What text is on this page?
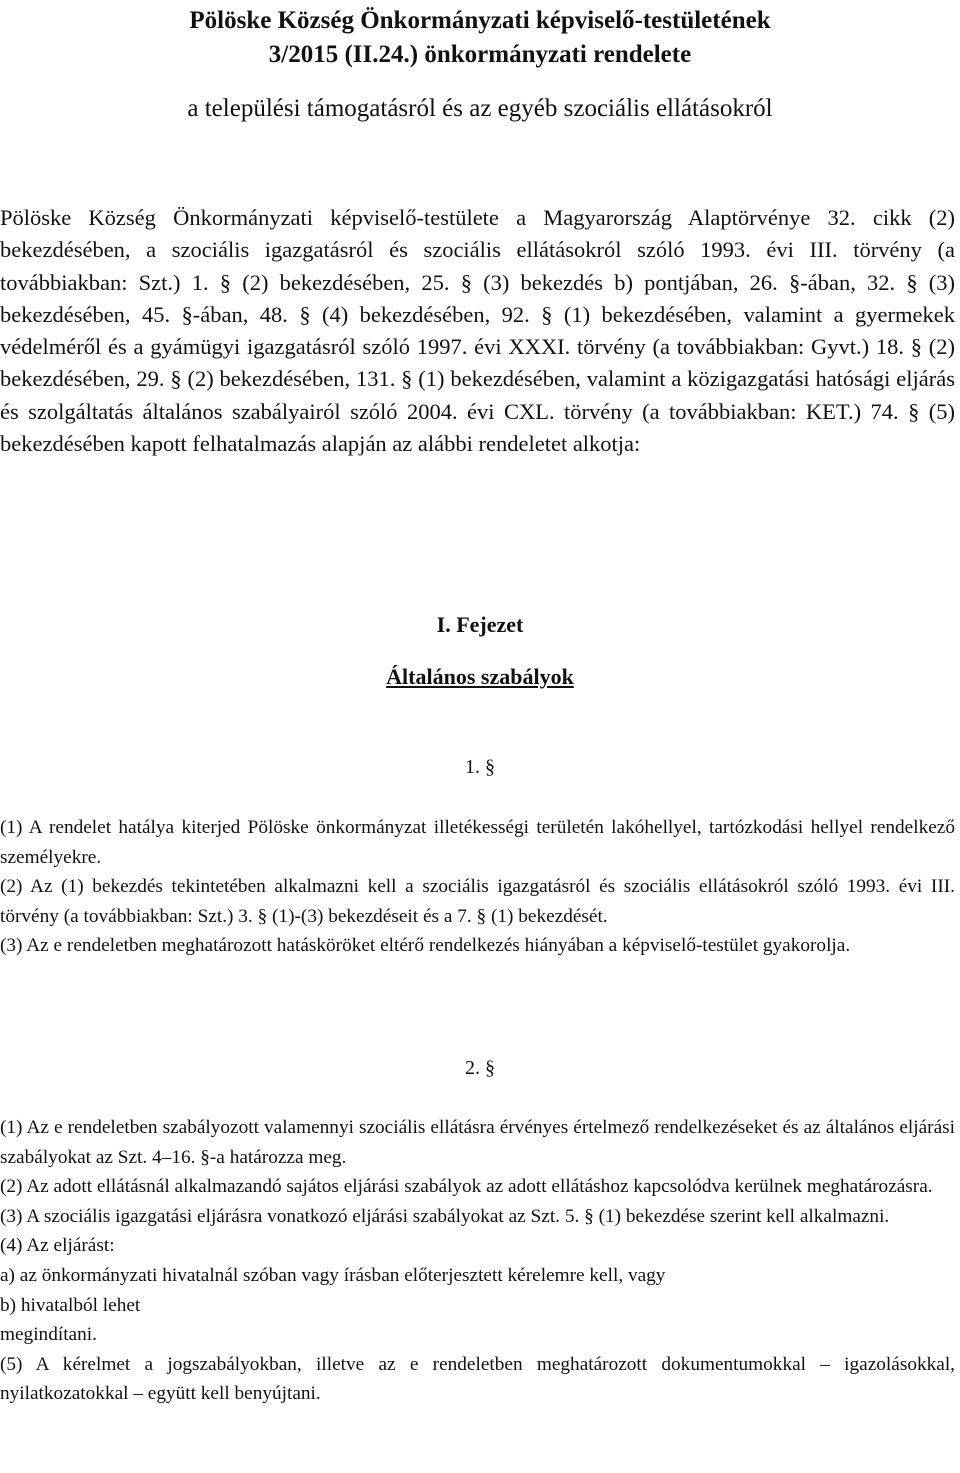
Pölöske Község Önkormányzati képviselő-testületének
3/2015 (II.24.) önkormányzati rendelete
a települési támogatásról és az egyéb szociális ellátásokról
Pölöske Község Önkormányzati képviselő-testülete a Magyarország Alaptörvénye 32. cikk (2) bekezdésében, a szociális igazgatásról és szociális ellátásokról szóló 1993. évi III. törvény (a továbbiakban: Szt.) 1. § (2) bekezdésében, 25. § (3) bekezdés b) pontjában, 26. §-ában, 32. § (3) bekezdésében, 45. §-ában, 48. § (4) bekezdésében, 92. § (1) bekezdésében, valamint a gyermekek védelméről és a gyámügyi igazgatásról szóló 1997. évi XXXI. törvény (a továbbiakban: Gyvt.) 18. § (2) bekezdésében, 29. § (2) bekezdésében, 131. § (1) bekezdésében, valamint a közigazgatási hatósági eljárás és szolgáltatás általános szabályairól szóló 2004. évi CXL. törvény (a továbbiakban: KET.) 74. § (5) bekezdésében kapott felhatalmazás alapján az alábbi rendeletet alkotja:
I. Fejezet
Általános szabályok
1. §

(1) A rendelet hatálya kiterjed Pölöske önkormányzat illetékességi területén lakóhellyel, tartózkodási hellyel rendelkező személyekre.

(2) Az (1) bekezdés tekintetében alkalmazni kell a szociális igazgatásról és szociális ellátásokról szóló 1993. évi III. törvény (a továbbiakban: Szt.) 3. § (1)-(3) bekezdéseit és a 7. § (1) bekezdését.

(3) Az e rendeletben meghatározott hatásköröket eltérő rendelkezés hiányában a képviselő-testület gyakorolja.

2. §

(1) Az e rendeletben szabályozott valamennyi szociális ellátásra érvényes értelmező rendelkezéseket és az általános eljárási szabályokat az Szt. 4–16. §-a határozza meg.

(2) Az adott ellátásnál alkalmazandó sajátos eljárási szabályok az adott ellátáshoz kapcsolódva kerülnek meghatározásra.

(3) A szociális igazgatási eljárásra vonatkozó eljárási szabályokat az Szt. 5. § (1) bekezdése szerint kell alkalmazni.

(4) Az eljárást:

a) az önkormányzati hivatalnál szóban vagy írásban előterjesztett kérelemre kell, vagy

b) hivatalból lehet

megindítani.

(5) A kérelmet a jogszabályokban, illetve az e rendeletben meghatározott dokumentumokkal – igazolásokkal, nyilatkozatokkal – együtt kell benyújtani.
